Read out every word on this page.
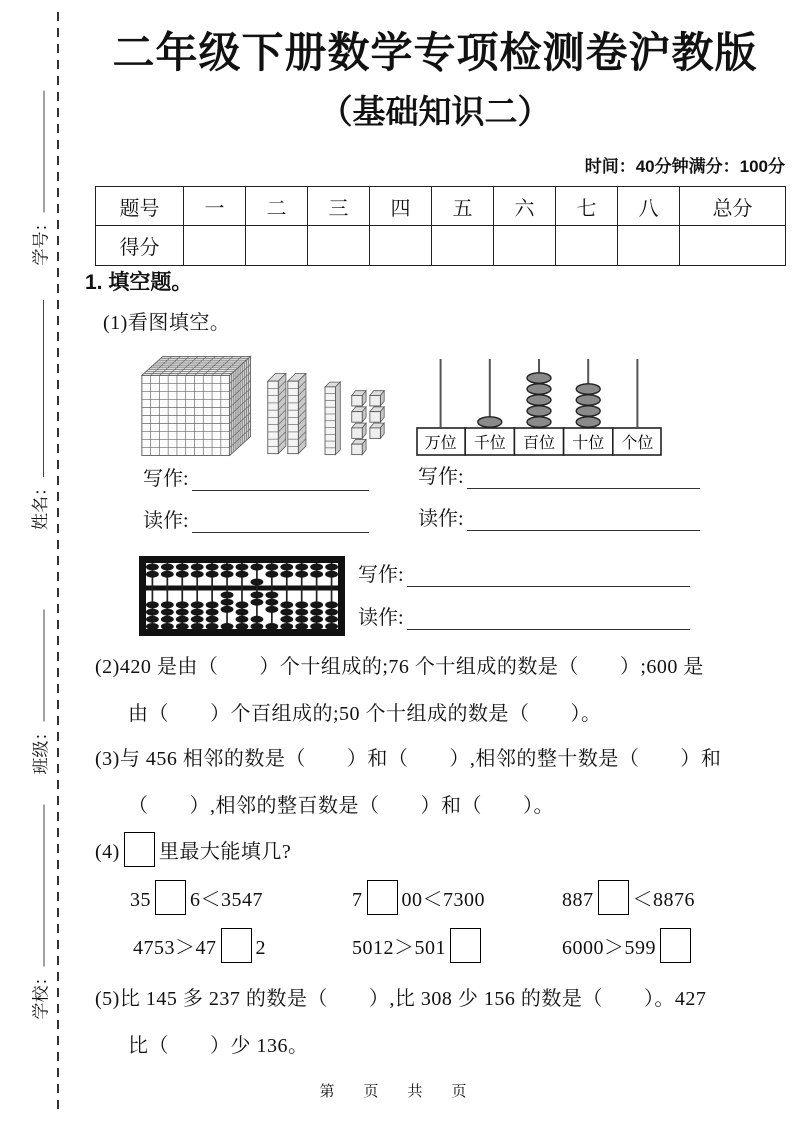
学号：
姓名：
班级：
学校：
二年级下册数学专项检测卷沪教版
（基础知识二）
时间：40分钟满分：100分
题号	一	二	三	四	五	六	七	八	总分
得分									
1. 填空题。
(1)看图填空。
万位 千位 百位 十位 个位
写作:
读作:
写作:
读作:
写作:
读作:
(2)420 是由（　　）个十组成的;76 个十组成的数是（　　）;600 是
由（　　）个百组成的;50 个十组成的数是（　　）。
(3)与 456 相邻的数是（　　）和（　　）,相邻的整十数是（　　）和
（　　）,相邻的整百数是（　　）和（　　）。
(4) 里最大能填几?
35 6＜3547	7 00＜7300	887 ＜8876
4753＞47 2	5012＞501	6000＞599
(5)比 145 多 237 的数是（　　）,比 308 少 156 的数是（　　）。427
比（　　）少 136。
第　页　共　页
